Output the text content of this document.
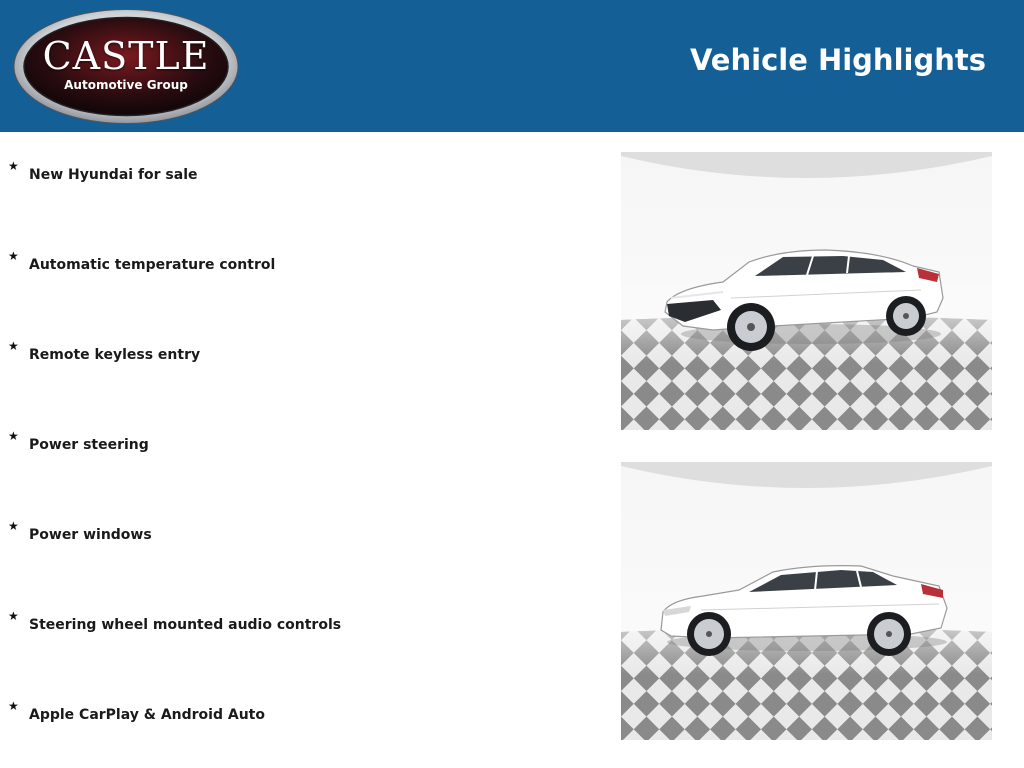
CASTLE
Automotive Group
Vehicle Highlights
★
New Hyundai for sale
★
Automatic temperature control
★
Remote keyless entry
★
Power steering
★
Power windows
★
Steering wheel mounted audio controls
★
Apple CarPlay & Android Auto
